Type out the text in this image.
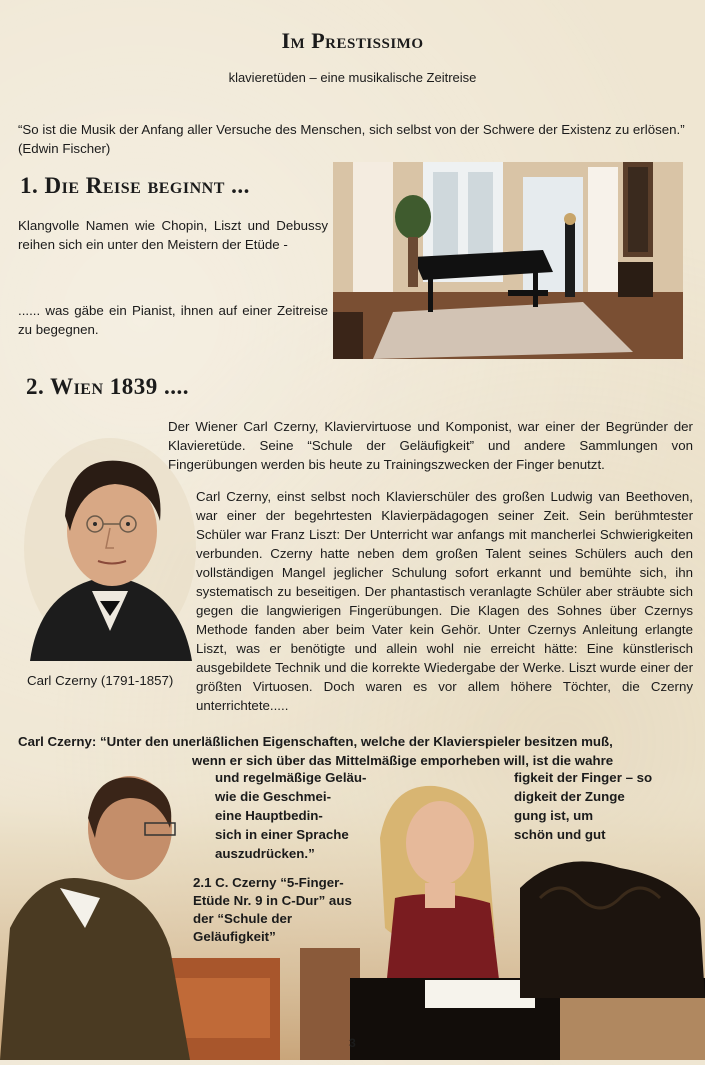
Im Prestissimo
klavieretüden – eine musikalische Zeitreise
“So ist die Musik der Anfang aller Versuche des Menschen, sich selbst von der Schwere der Existenz zu erlösen.” (Edwin Fischer)
1. Die Reise beginnt ...
Klangvolle Namen wie Chopin, Liszt und Debussy reihen sich ein unter den Meistern der Etüde -
...... was gäbe ein Pianist, ihnen auf einer Zeitreise zu begegnen.
2. Wien 1839 ....
Der Wiener Carl Czerny, Klaviervirtuose und Komponist, war einer der Begründer der Klavieretüde. Seine “Schule der Geläufigkeit” und andere Sammlungen von Fingerübungen werden bis heute zu Trainingszwecken der Finger benutzt.
Carl Czerny, einst selbst noch Klavierschüler des großen Ludwig van Beethoven, war einer der begehrtesten Klavierpädagogen seiner Zeit. Sein berühmtester Schüler war Franz Liszt: Der Unterricht war anfangs mit mancherlei Schwierigkeiten verbunden. Czerny hatte neben dem großen Talent seines Schülers auch den vollständigen Mangel jeglicher Schulung sofort erkannt und bemühte sich, ihn systematisch zu beseitigen. Der phantastisch veranlagte Schüler aber sträubte sich gegen die langwierigen Fingerübungen. Die Klagen des Sohnes über Czernys Methode fanden aber beim Vater kein Gehör. Unter Czernys Anleitung erlangte Liszt, was er benötigte und allein wohl nie erreicht hätte: Eine künstlerisch ausgebildete Technik und die korrekte Wiedergabe der Werke. Liszt wurde einer der größten Virtuosen. Doch waren es vor allem höhere Töchter, die Czerny unterrichtete.....
Carl Czerny (1791-1857)
Carl Czerny: “Unter den unerläßlichen Eigenschaften, welche der Klavierspieler besitzen muß,
wenn er sich über das Mittelmäßige emporheben will, ist die wahre
und regelmäßige Geläu-
wie die Geschmei-
eine Hauptbedin-
sich in einer Sprache
auszudrücken.”
figkeit der Finger – so
digkeit der Zunge
gung ist, um
schön und gut
2.1 C. Czerny “5-Finger-Etüde Nr. 9 in C-Dur” aus der “Schule der Geläufigkeit”
3
